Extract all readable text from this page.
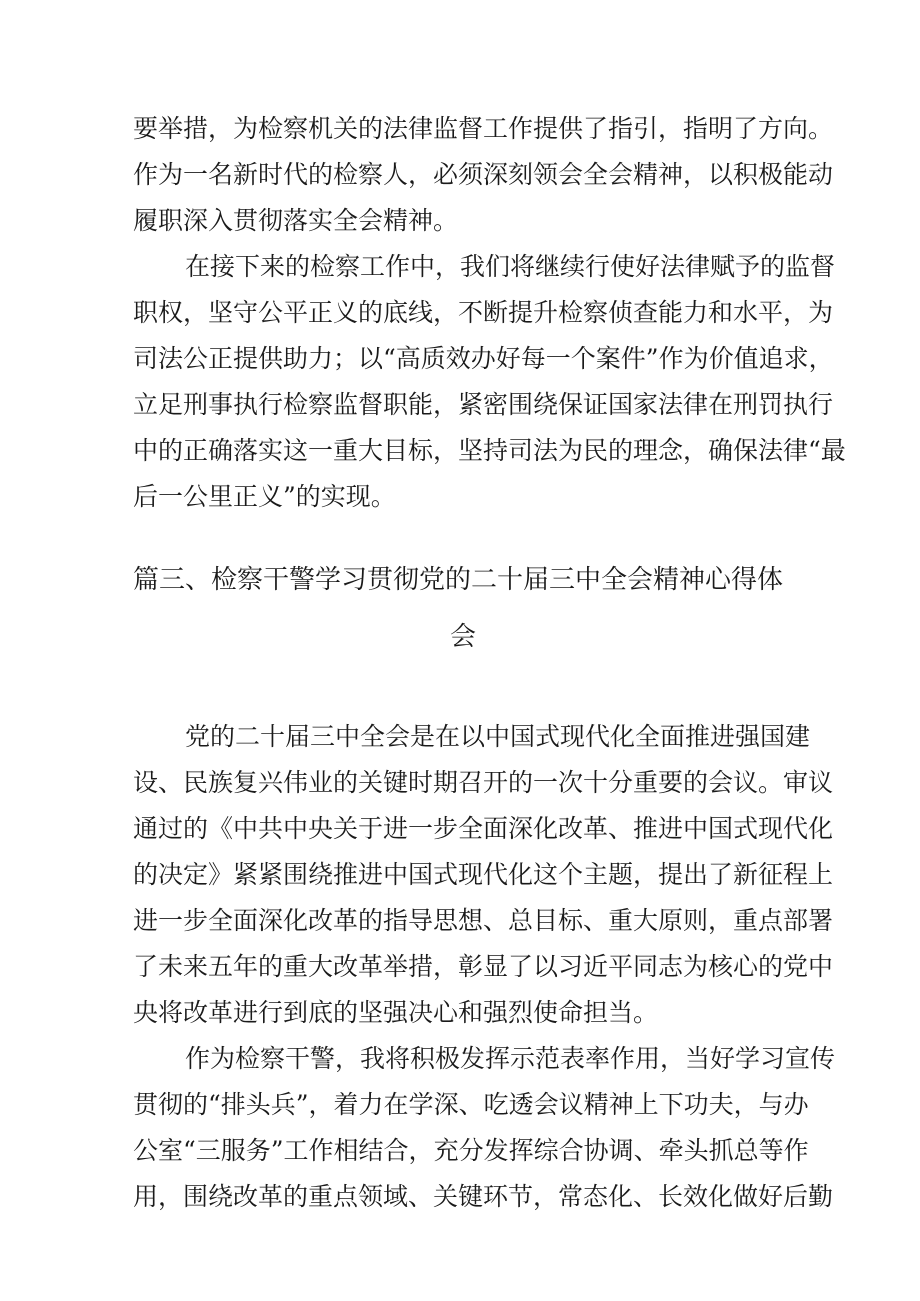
要举措，为检察机关的法律监督工作提供了指引，指明了方向。
作为一名新时代的检察人，必须深刻领会全会精神，以积极能动
履职深入贯彻落实全会精神。
在接下来的检察工作中，我们将继续行使好法律赋予的监督
职权，坚守公平正义的底线，不断提升检察侦查能力和水平，为
司法公正提供助力；以“高质效办好每一个案件”作为价值追求，
立足刑事执行检察监督职能，紧密围绕保证国家法律在刑罚执行
中的正确落实这一重大目标，坚持司法为民的理念，确保法律“最
后一公里正义”的实现。
篇三、检察干警学习贯彻党的二十届三中全会精神心得体
会
党的二十届三中全会是在以中国式现代化全面推进强国建
设、民族复兴伟业的关键时期召开的一次十分重要的会议。审议
通过的《中共中央关于进一步全面深化改革、推进中国式现代化
的决定》紧紧围绕推进中国式现代化这个主题，提出了新征程上
进一步全面深化改革的指导思想、总目标、重大原则，重点部署
了未来五年的重大改革举措，彰显了以习近平同志为核心的党中
央将改革进行到底的坚强决心和强烈使命担当。
作为检察干警，我将积极发挥示范表率作用，当好学习宣传
贯彻的“排头兵”，着力在学深、吃透会议精神上下功夫，与办
公室“三服务”工作相结合，充分发挥综合协调、牵头抓总等作
用，围绕改革的重点领域、关键环节，常态化、长效化做好后勤
